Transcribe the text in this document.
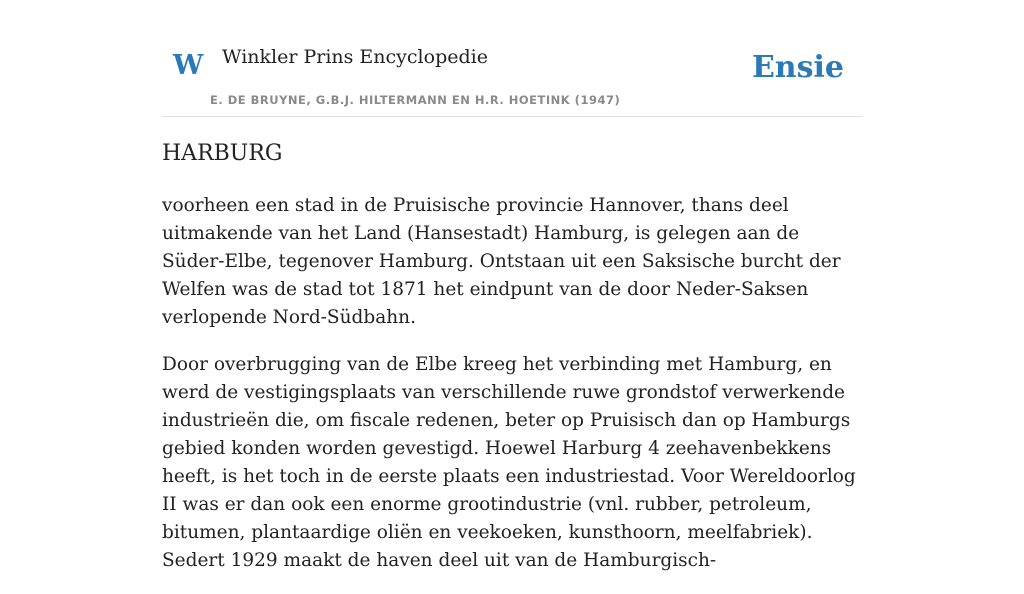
W Winkler Prins Encyclopedie
E. DE BRUYNE, G.B.J. HILTERMANN EN H.R. HOETINK (1947)
Ensie
HARBURG

voorheen een stad in de Pruisische provincie Hannover, thans deel uitmakende van het Land (Hansestadt) Hamburg, is gelegen aan de Süder-Elbe, tegenover Hamburg. Ontstaan uit een Saksische burcht der Welfen was de stad tot 1871 het eindpunt van de door Neder-Saksen verlopende Nord-Südbahn.

Door overbrugging van de Elbe kreeg het verbinding met Hamburg, en werd de vestigingsplaats van verschillende ruwe grondstof verwerkende industrieën die, om fiscale redenen, beter op Pruisisch dan op Hamburgs gebied konden worden gevestigd. Hoewel Harburg 4 zeehavenbekkens heeft, is het toch in de eerste plaats een industriestad. Voor Wereldoorlog II was er dan ook een enorme grootindustrie (vnl. rubber, petroleum, bitumen, plantaardige oliën en veekoeken, kunsthoorn, meelfabriek). Sedert 1929 maakt de haven deel uit van de Hamburgisch-
